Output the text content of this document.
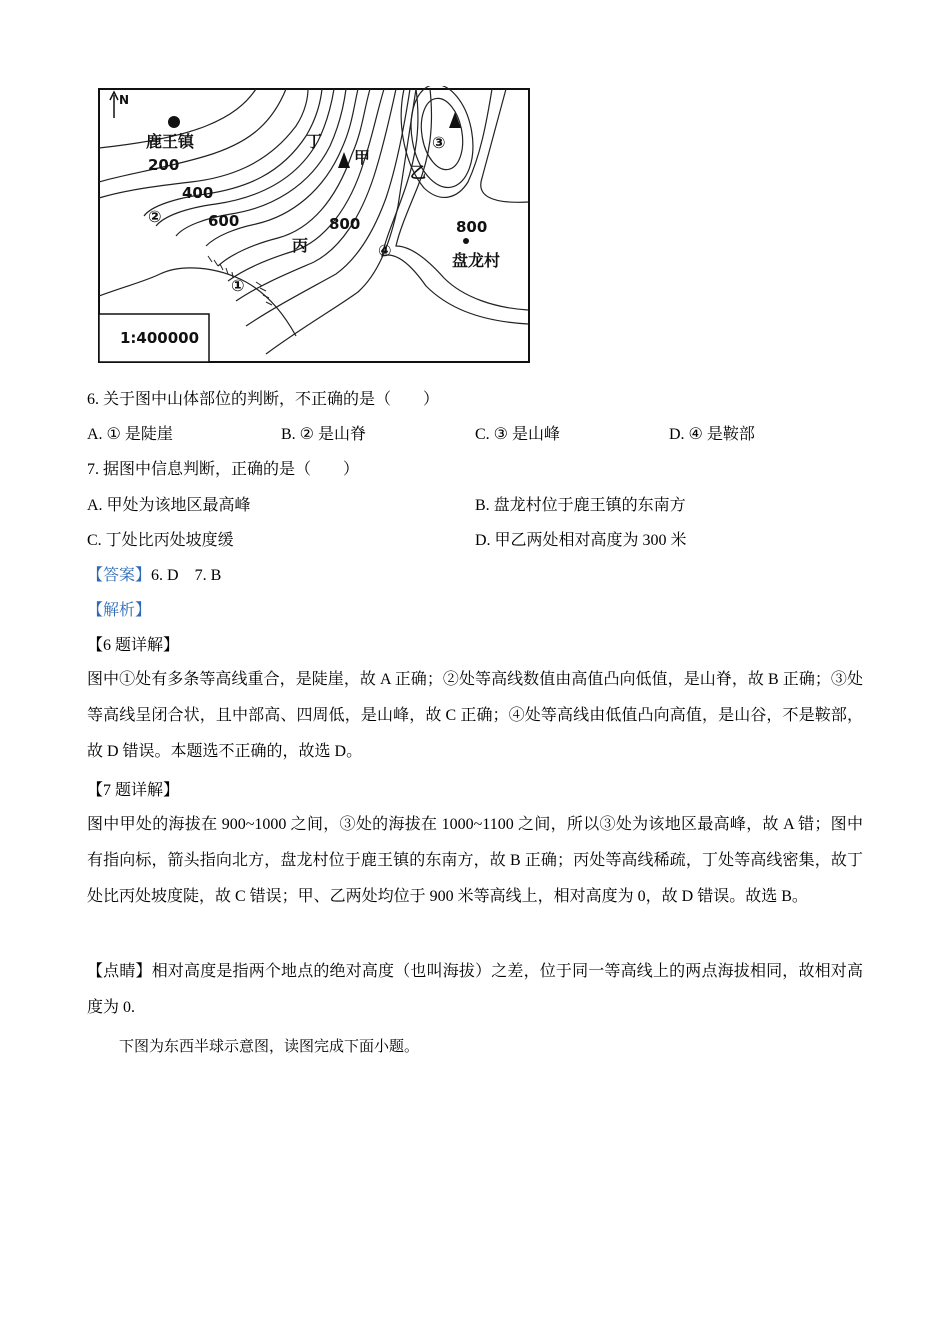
N
鹿王镇
200
400
600	800	800
甲
乙
丙
丁
盘龙村
①
②
③
④
1:400000
6. 关于图中山体部位的判断，不正确的是（　　）
A. ① 是陡崖	B. ② 是山脊	C. ③ 是山峰	D. ④ 是鞍部
7. 据图中信息判断，正确的是（　　）
A. 甲处为该地区最高峰	B. 盘龙村位于鹿王镇的东南方
C. 丁处比丙处坡度缓	D. 甲乙两处相对高度为 300 米
【答案】6. D　7. B
【解析】
【6 题详解】
图中①处有多条等高线重合，是陡崖，故 A 正确；②处等高线数值由高值凸向低值，是山脊，故 B 正确；③处等高线呈闭合状，且中部高、四周低，是山峰，故 C 正确；④处等高线由低值凸向高值，是山谷，不是鞍部，故 D 错误。本题选不正确的，故选 D。
【7 题详解】
图中甲处的海拔在 900~1000 之间，③处的海拔在 1000~1100 之间，所以③处为该地区最高峰，故 A 错；图中有指向标，箭头指向北方，盘龙村位于鹿王镇的东南方，故 B 正确；丙处等高线稀疏，丁处等高线密集，故丁处比丙处坡度陡，故 C 错误；甲、乙两处均位于 900 米等高线上，相对高度为 0，故 D 错误。故选 B。
【点睛】相对高度是指两个地点的绝对高度（也叫海拔）之差，位于同一等高线上的两点海拔相同，故相对高度为 0.
下图为东西半球示意图，读图完成下面小题。
